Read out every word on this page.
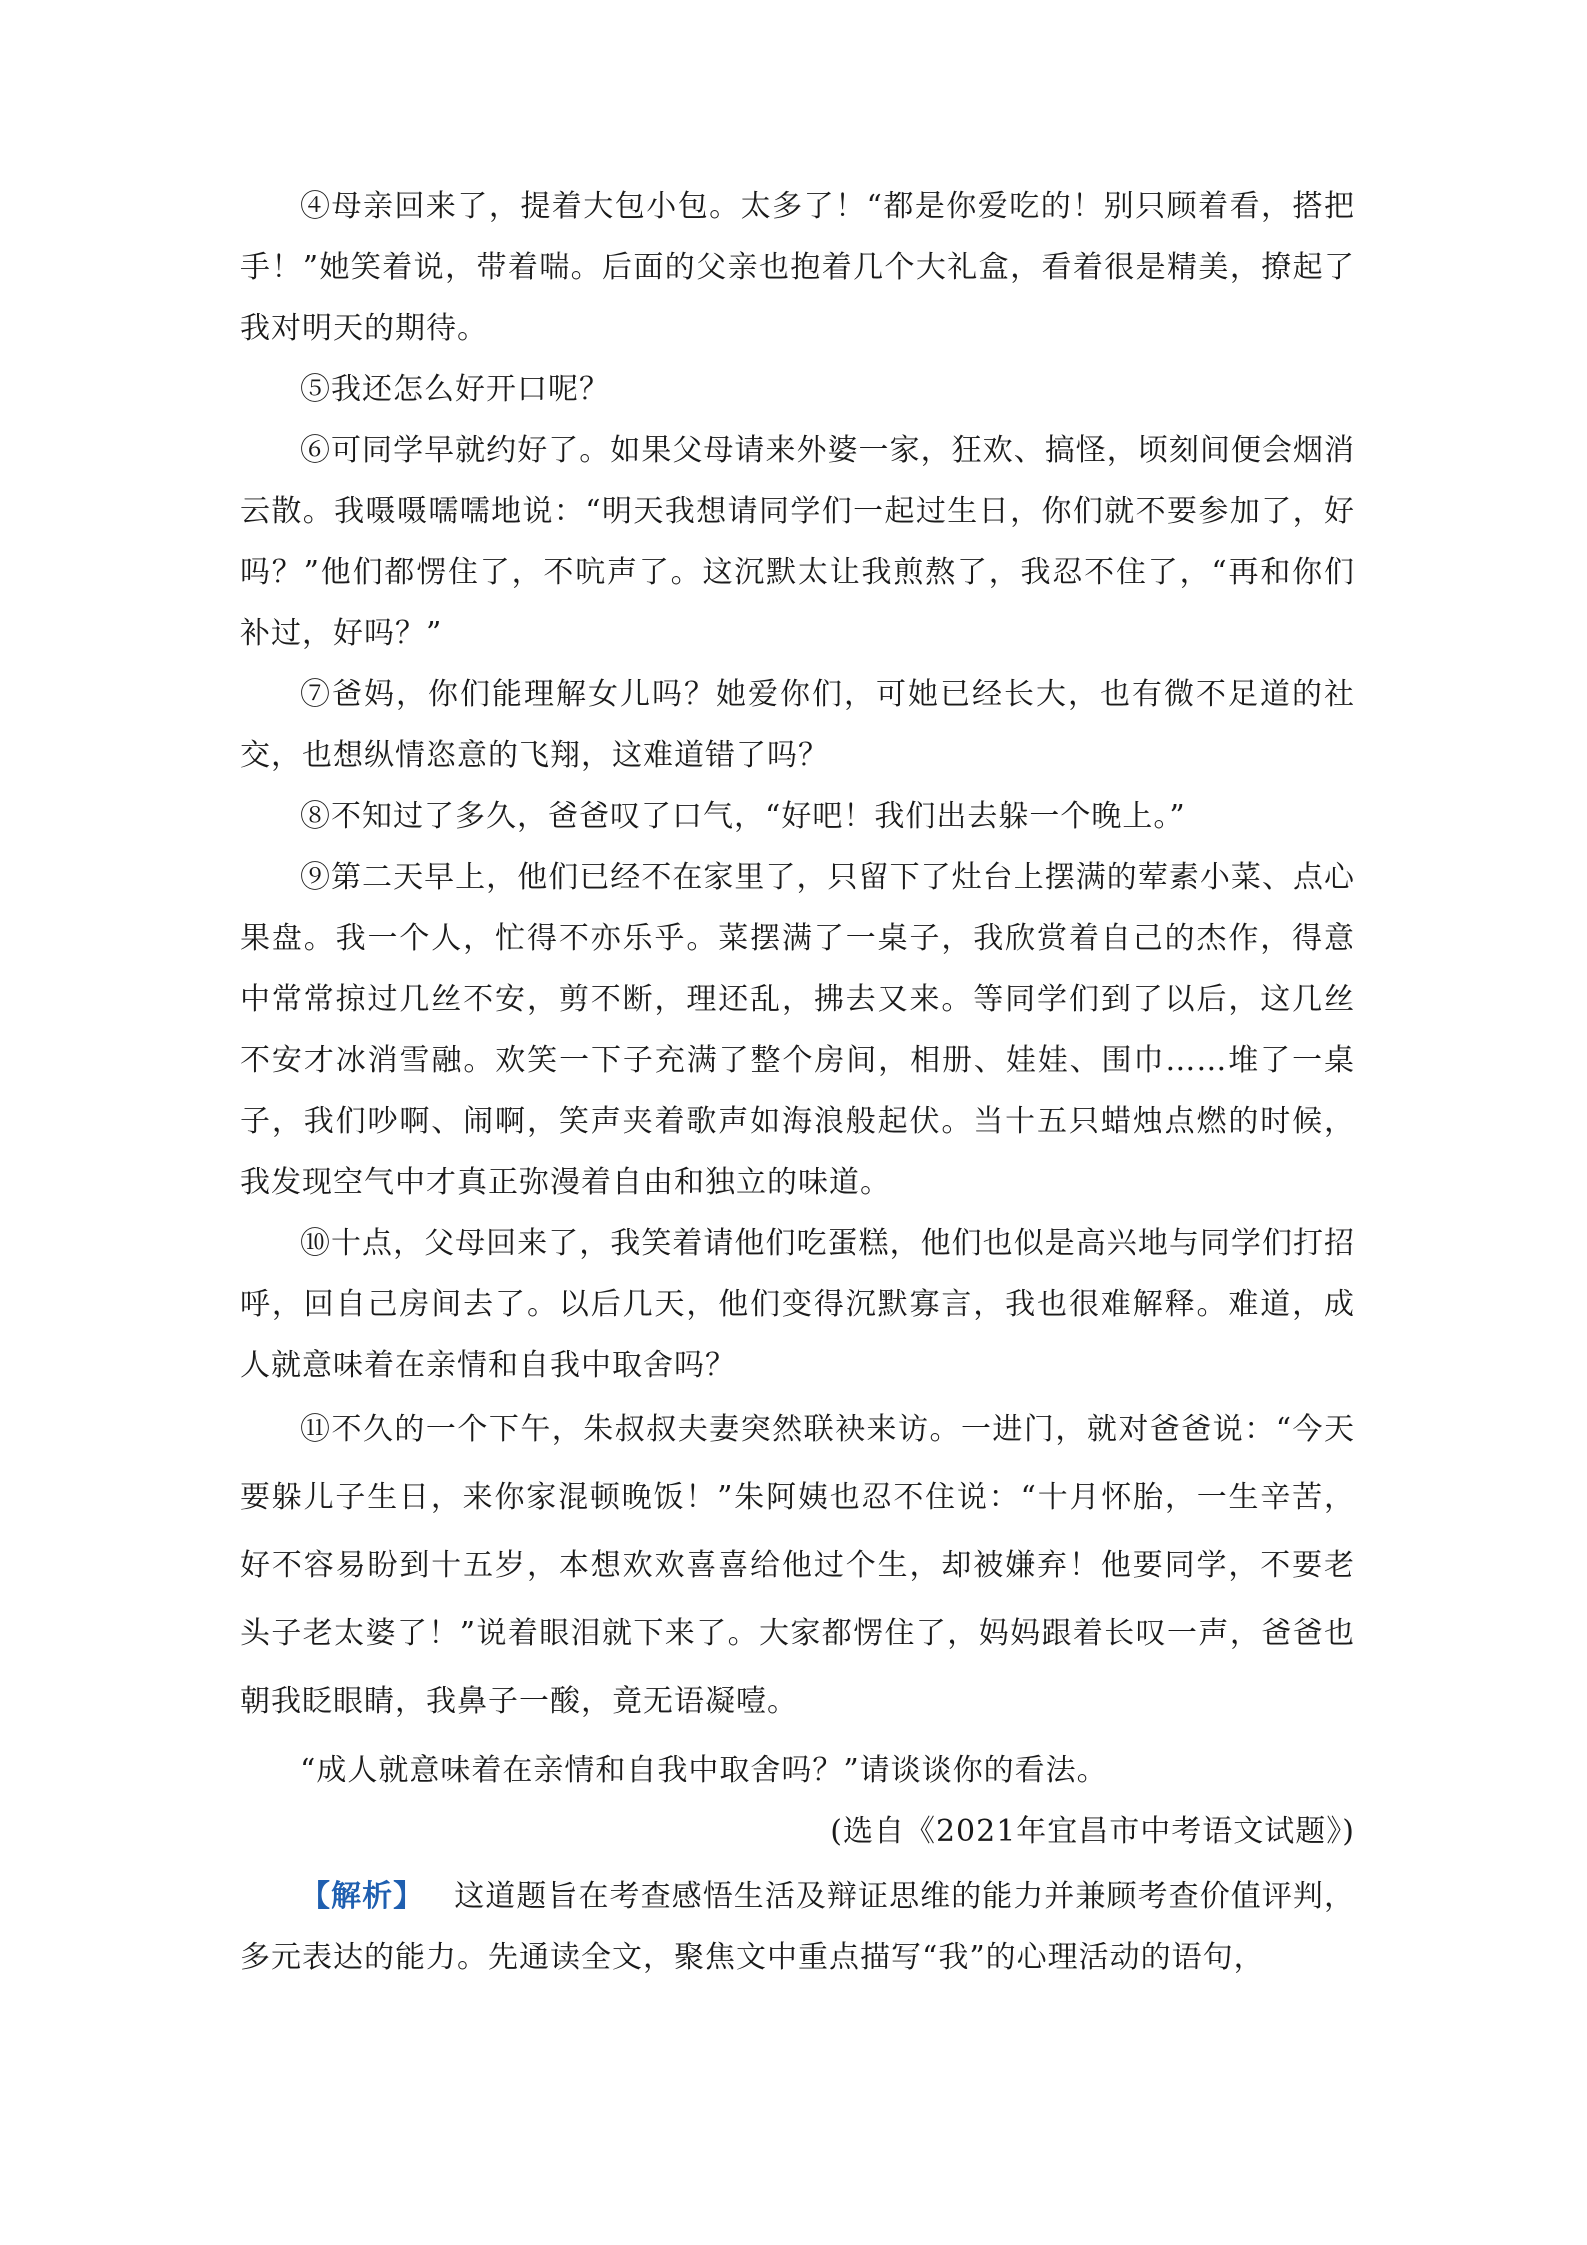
④母亲回来了，提着大包小包。太多了！“都是你爱吃的！别只顾着看，搭把手！”她笑着说，带着喘。后面的父亲也抱着几个大礼盒，看着很是精美，撩起了我对明天的期待。

⑤我还怎么好开口呢？

⑥可同学早就约好了。如果父母请来外婆一家，狂欢、搞怪，顷刻间便会烟消云散。我嗫嗫嚅嚅地说：“明天我想请同学们一起过生日，你们就不要参加了，好吗？”他们都愣住了，不吭声了。这沉默太让我煎熬了，我忍不住了，“再和你们补过，好吗？”

⑦爸妈，你们能理解女儿吗？她爱你们，可她已经长大，也有微不足道的社交，也想纵情恣意的飞翔，这难道错了吗？

⑧不知过了多久，爸爸叹了口气，“好吧！我们出去躲一个晚上。”

⑨第二天早上，他们已经不在家里了，只留下了灶台上摆满的荤素小菜、点心果盘。我一个人，忙得不亦乐乎。菜摆满了一桌子，我欣赏着自己的杰作，得意中常常掠过几丝不安，剪不断，理还乱，拂去又来。等同学们到了以后，这几丝不安才冰消雪融。欢笑一下子充满了整个房间，相册、娃娃、围巾……堆了一桌子，我们吵啊、闹啊，笑声夹着歌声如海浪般起伏。当十五只蜡烛点燃的时候，我发现空气中才真正弥漫着自由和独立的味道。

⑩十点，父母回来了，我笑着请他们吃蛋糕，他们也似是高兴地与同学们打招呼，回自己房间去了。以后几天，他们变得沉默寡言，我也很难解释。难道，成人就意味着在亲情和自我中取舍吗？

⑪不久的一个下午，朱叔叔夫妻突然联袂来访。一进门，就对爸爸说：“今天要躲儿子生日，来你家混顿晚饭！”朱阿姨也忍不住说：“十月怀胎，一生辛苦，好不容易盼到十五岁，本想欢欢喜喜给他过个生，却被嫌弃！他要同学，不要老头子老太婆了！”说着眼泪就下来了。大家都愣住了，妈妈跟着长叹一声，爸爸也朝我眨眼睛，我鼻子一酸，竟无语凝噎。

“成人就意味着在亲情和自我中取舍吗？”请谈谈你的看法。

(选自《2021年宜昌市中考语文试题》)

【解析】 这道题旨在考查感悟生活及辩证思维的能力并兼顾考查价值评判，多元表达的能力。先通读全文，聚焦文中重点描写“我”的心理活动的语句，
